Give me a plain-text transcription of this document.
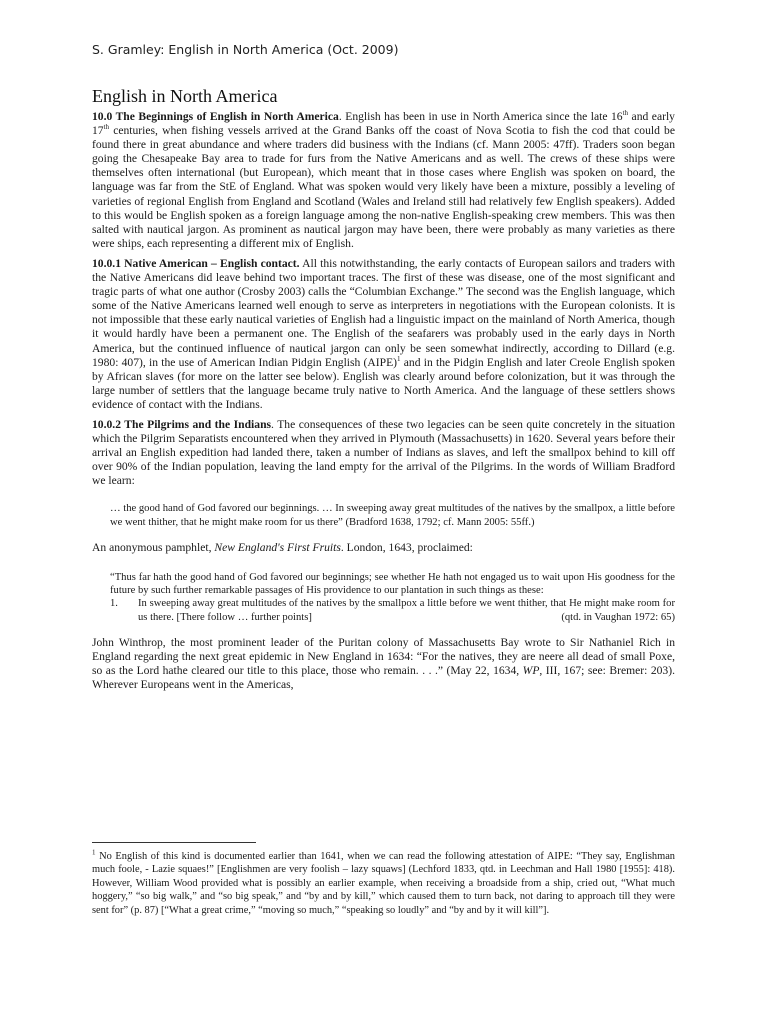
S. Gramley: English in North America (Oct. 2009)
English in North America

10.0 The Beginnings of English in North America. English has been in use in North America since the late 16th and early 17th centuries, when fishing vessels arrived at the Grand Banks off the coast of Nova Scotia to fish the cod that could be found there in great abundance and where traders did business with the Indians (cf. Mann 2005: 47ff). Traders soon began going the Chesapeake Bay area to trade for furs from the Native Americans and as well. The crews of these ships were themselves often international (but European), which meant that in those cases where English was spoken on board, the language was far from the StE of England. What was spoken would very likely have been a mixture, possibly a leveling of varieties of regional English from England and Scotland (Wales and Ireland still had relatively few English speakers). Added to this would be English spoken as a foreign language among the non-native English-speaking crew members. This was then salted with nautical jargon. As prominent as nautical jargon may have been, there were probably as many varieties as there were ships, each representing a different mix of English.

10.0.1 Native American – English contact. All this notwithstanding, the early contacts of European sailors and traders with the Native Americans did leave behind two important traces. The first of these was disease, one of the most significant and tragic parts of what one author (Crosby 2003) calls the “Columbian Exchange.” The second was the English language, which some of the Native Americans learned well enough to serve as interpreters in negotiations with the European colonists. It is not impossible that these early nautical varieties of English had a linguistic impact on the mainland of North America, though it would hardly have been a permanent one. The English of the seafarers was probably used in the early days in North America, but the continued influence of nautical jargon can only be seen somewhat indirectly, according to Dillard (e.g. 1980: 407), in the use of American Indian Pidgin English (AIPE)$^1$ and in the Pidgin English and later Creole English spoken by African slaves (for more on the latter see below). English was clearly around before colonization, but it was through the large number of settlers that the language became truly native to North America. And the language of these settlers shows evidence of contact with the Indians.

10.0.2 The Pilgrims and the Indians. The consequences of these two legacies can be seen quite concretely in the situation which the Pilgrim Separatists encountered when they arrived in Plymouth (Massachusetts) in 1620. Several years before their arrival an English expedition had landed there, taken a number of Indians as slaves, and left the smallpox behind to kill off over 90% of the Indian population, leaving the land empty for the arrival of the Pilgrims. In the words of William Bradford we learn:

… the good hand of God favored our beginnings. … In sweeping away great multitudes of the natives by the smallpox, a little before we went thither, that he might make room for us there” (Bradford 1638, 1792; cf. Mann 2005: 55ff.)

An anonymous pamphlet, New England's First Fruits. London, 1643, proclaimed:

“Thus far hath the good hand of God favored our beginnings; see whether He hath not engaged us to wait upon His goodness for the future by such further remarkable passages of His providence to our plantation in such things as these:

1.	In sweeping away great multitudes of the natives by the smallpox a little before we went thither, that He might make room for us there. [There follow … further points]	(qtd. in Vaughan 1972: 65)

John Winthrop, the most prominent leader of the Puritan colony of Massachusetts Bay wrote to Sir Nathaniel Rich in England regarding the next great epidemic in New England in 1634: “For the natives, they are neere all dead of small Poxe, so as the Lord hathe cleared our title to this place, those who remain. . . .” (May 22, 1634, WP, III, 167; see: Bremer: 203). Wherever Europeans went in the Americas,

$^1$ No English of this kind is documented earlier than 1641, when we can read the following attestation of AIPE: “They say, Englishman much foole, - Lazie squaes!” [Englishmen are very foolish – lazy squaws] (Lechford 1833, qtd. in Leechman and Hall 1980 [1955]: 418). However, William Wood provided what is possibly an earlier example, when receiving a broadside from a ship, cried out, “What much hoggery,” “so big walk,” and “so big speak,” and “by and by kill,” which caused them to turn back, not daring to approach till they were sent for” (p. 87) [“What a great crime,” “moving so much,” “speaking so loudly” and “by and by it will kill”].
